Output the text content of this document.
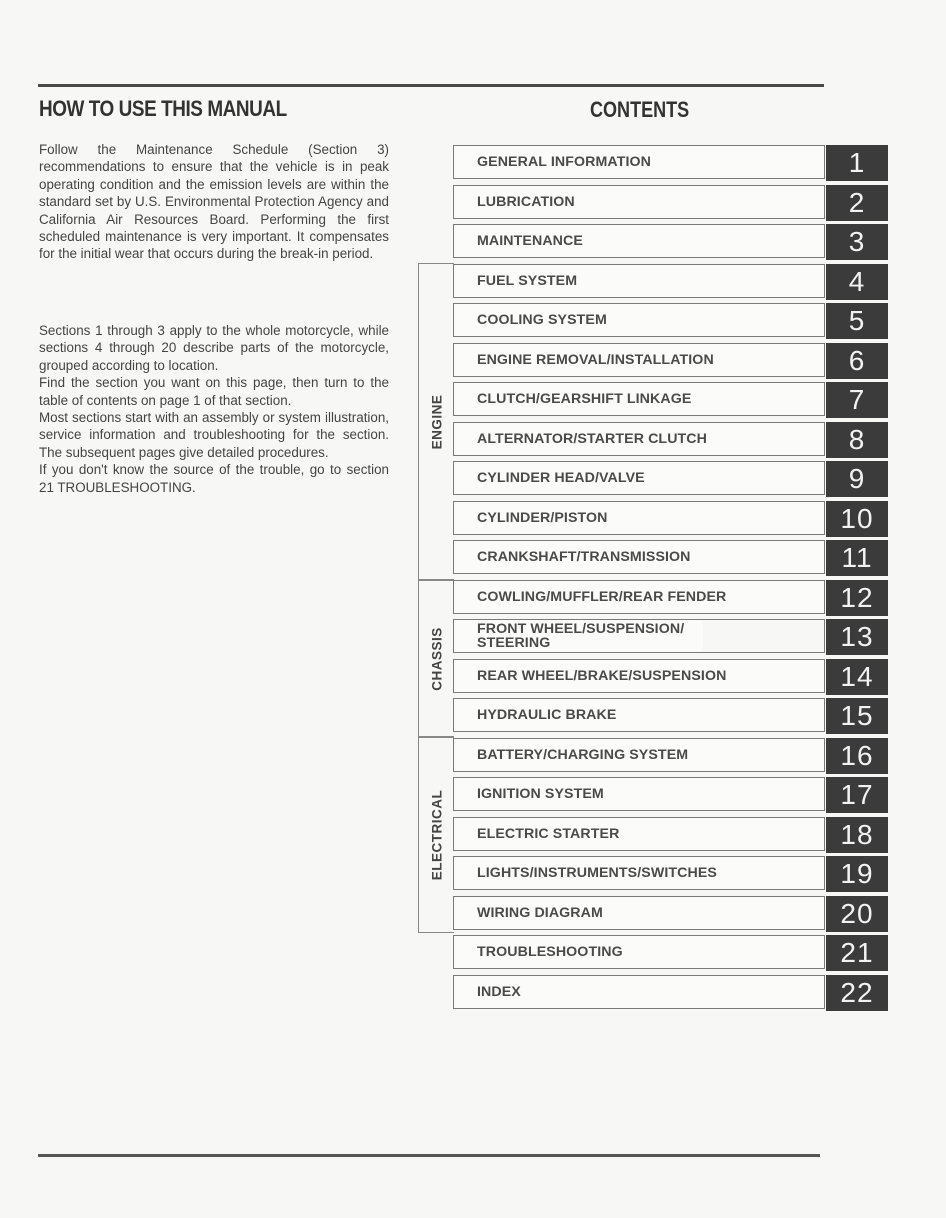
HOW TO USE THIS MANUAL

Follow the Maintenance Schedule (Section 3) recommendations to ensure that the vehicle is in peak operating condition and the emission levels are within the standard set by U.S. Environmental Protection Agency and California Air Resources Board. Performing the first scheduled maintenance is very important. It compensates for the initial wear that occurs during the break-in period.

Sections 1 through 3 apply to the whole motorcycle, while sections 4 through 20 describe parts of the motorcycle, grouped according to location.

Find the section you want on this page, then turn to the table of contents on page 1 of that section.

Most sections start with an assembly or system illustration, service information and troubleshooting for the section. The subsequent pages give detailed procedures.

If you don't know the source of the trouble, go to section 21 TROUBLESHOOTING.

CONTENTS
ENGINE
CHASSIS
ELECTRICAL
GENERAL INFORMATION	1
LUBRICATION	2
MAINTENANCE	3
FUEL SYSTEM	4
COOLING SYSTEM	5
ENGINE REMOVAL/INSTALLATION	6
CLUTCH/GEARSHIFT LINKAGE	7
ALTERNATOR/STARTER CLUTCH	8
CYLINDER HEAD/VALVE	9
CYLINDER/PISTON	10
CRANKSHAFT/TRANSMISSION	11
COWLING/MUFFLER/REAR FENDER	12
FRONT WHEEL/SUSPENSION/ STEERING	13
REAR WHEEL/BRAKE/SUSPENSION	14
HYDRAULIC BRAKE	15
BATTERY/CHARGING SYSTEM	16
IGNITION SYSTEM	17
ELECTRIC STARTER	18
LIGHTS/INSTRUMENTS/SWITCHES	19
WIRING DIAGRAM	20
TROUBLESHOOTING	21
INDEX	22
